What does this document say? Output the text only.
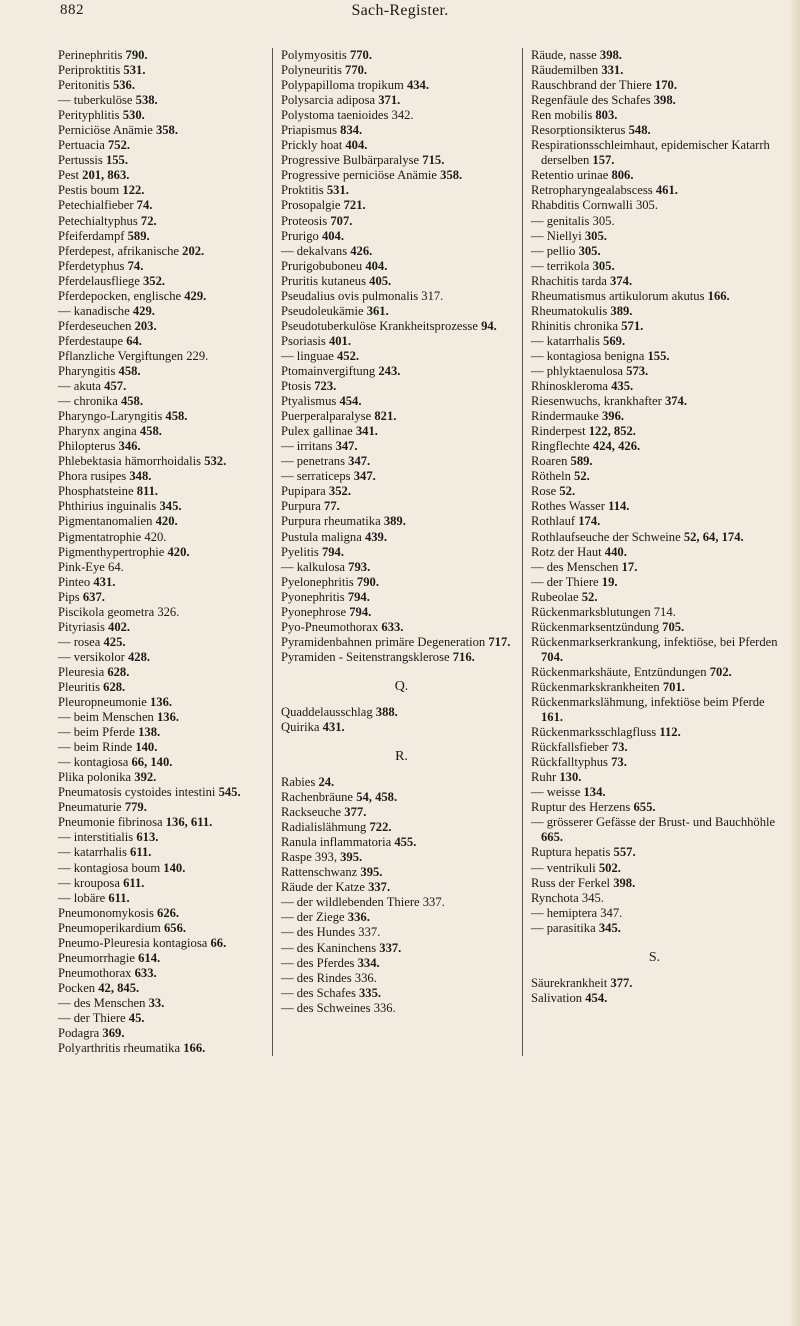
882	Sach-Register.

Perinephritis 790.

Periproktitis 531.

Peritonitis 536.

— tuberkulöse 538.

Perityphlitis 530.

Perniciöse Anämie 358.

Pertuacia 752.

Pertussis 155.

Pest 201, 863.

Pestis boum 122.

Petechialfieber 74.

Petechialtyphus 72.

Pfeiferdampf 589.

Pferdepest, afrikanische 202.

Pferdetyphus 74.

Pferdelausfliege 352.

Pferdepocken, englische 429.

— kanadische 429.

Pferdeseuchen 203.

Pferdestaupe 64.

Pflanzliche Vergiftungen 229.

Pharyngitis 458.

— akuta 457.

— chronika 458.

Pharyngo-Laryngitis 458.

Pharynx angina 458.

Philopterus 346.

Phlebektasia hämorrhoidalis 532.

Phora rusipes 348.

Phosphatsteine 811.

Phthirius inguinalis 345.

Pigmentanomalien 420.

Pigmentatrophie 420.

Pigmenthypertrophie 420.

Pink-Eye 64.

Pinteo 431.

Pips 637.

Piscikola geometra 326.

Pityriasis 402.

— rosea 425.

— versikolor 428.

Pleuresia 628.

Pleuritis 628.

Pleuropneumonie 136.

— beim Menschen 136.

— beim Pferde 138.

— beim Rinde 140.

— kontagiosa 66, 140.

Plika polonika 392.

Pneumatosis cystoides intestini 545.

Pneumaturie 779.

Pneumonie fibrinosa 136, 611.

— interstitialis 613.

— katarrhalis 611.

— kontagiosa boum 140.

— krouposa 611.

— lobäre 611.

Pneumonomykosis 626.

Pneumoperikardium 656.

Pneumo-Pleuresia kontagiosa 66.

Pneumorrhagie 614.

Pneumothorax 633.

Pocken 42, 845.

— des Menschen 33.

— der Thiere 45.

Podagra 369.

Polyarthritis rheumatika 166.

Polymyositis 770.

Polyneuritis 770.

Polypapilloma tropikum 434.

Polysarcia adiposa 371.

Polystoma taenioides 342.

Priapismus 834.

Prickly hoat 404.

Progressive Bulbärparalyse 715.

Progressive perniciöse Anämie 358.

Proktitis 531.

Prosopalgie 721.

Proteosis 707.

Prurigo 404.

— dekalvans 426.

Prurigobuboneu 404.

Pruritis kutaneus 405.

Pseudalius ovis pulmonalis 317.

Pseudoleukämie 361.

Pseudotuberkulöse Krankheitsprozesse 94.

Psoriasis 401.

— linguae 452.

Ptomainvergiftung 243.

Ptosis 723.

Ptyalismus 454.

Puerperalparalyse 821.

Pulex gallinae 341.

— irritans 347.

— penetrans 347.

— serraticeps 347.

Pupipara 352.

Purpura 77.

Purpura rheumatika 389.

Pustula maligna 439.

Pyelitis 794.

— kalkulosa 793.

Pyelonephritis 790.

Pyonephritis 794.

Pyonephrose 794.

Pyo-Pneumothorax 633.

Pyramidenbahnen primäre Degeneration 717.

Pyramiden - Seitenstrangsklerose 716.

Q.

Quaddelausschlag 388.

Quirika 431.

R.

Rabies 24.

Rachenbräune 54, 458.

Rackseuche 377.

Radialislähmung 722.

Ranula inflammatoria 455.

Raspe 393, 395.

Rattenschwanz 395.

Räude der Katze 337.

— der wildlebenden Thiere 337.

— der Ziege 336.

— des Hundes 337.

— des Kaninchens 337.

— des Pferdes 334.

— des Rindes 336.

— des Schafes 335.

— des Schweines 336.

Räude, nasse 398.

Räudemilben 331.

Rauschbrand der Thiere 170.

Regenfäule des Schafes 398.

Ren mobilis 803.

Resorptionsikterus 548.

Respirationsschleimhaut, epidemischer Katarrh derselben 157.

Retentio urinae 806.

Retropharyngealabscess 461.

Rhabditis Cornwalli 305.

— genitalis 305.

— Niellyi 305.

— pellio 305.

— terrikola 305.

Rhachitis tarda 374.

Rheumatismus artikulorum akutus 166.

Rheumatokulis 389.

Rhinitis chronika 571.

— katarrhalis 569.

— kontagiosa benigna 155.

— phlyktaenulosa 573.

Rhinoskleroma 435.

Riesenwuchs, krankhafter 374.

Rindermauke 396.

Rinderpest 122, 852.

Ringflechte 424, 426.

Roaren 589.

Rötheln 52.

Rose 52.

Rothes Wasser 114.

Rothlauf 174.

Rothlaufseuche der Schweine 52, 64, 174.

Rotz der Haut 440.

— des Menschen 17.

— der Thiere 19.

Rubeolae 52.

Rückenmarksblutungen 714.

Rückenmarksentzündung 705.

Rückenmarkserkrankung, infektiöse, bei Pferden 704.

Rückenmarkshäute, Entzündungen 702.

Rückenmarkskrankheiten 701.

Rückenmarkslähmung, infektiöse beim Pferde 161.

Rückenmarksschlagfluss 112.

Rückfallsfieber 73.

Rückfalltyphus 73.

Ruhr 130.

— weisse 134.

Ruptur des Herzens 655.

— grösserer Gefässe der Brust- und Bauchhöhle 665.

Ruptura hepatis 557.

— ventrikuli 502.

Russ der Ferkel 398.

Rynchota 345.

— hemiptera 347.

— parasitika 345.

S.

Säurekrankheit 377.

Salivation 454.
